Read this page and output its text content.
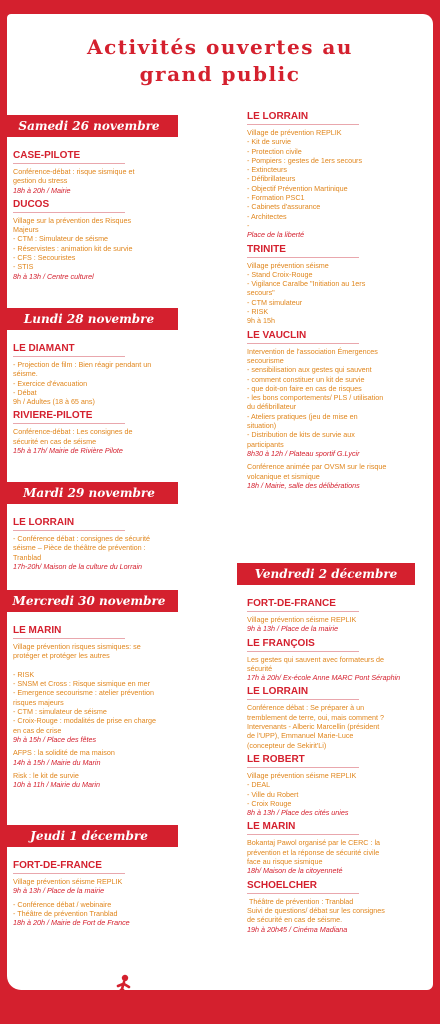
Activités ouvertes au
grand public
Samedi 26 novembre
Lundi 28 novembre
Mardi 29 novembre
Mercredi 30 novembre
Jeudi 1 décembre
Vendredi 2 décembre
CASE-PILOTE
Conférence-débat : risque sismique et
gestion du stress
18h à 20h / Mairie
DUCOS
Village sur la prévention des Risques
Majeurs
- CTM : Simulateur de séisme
- Réservistes : animation kit de survie
- CFS : Secouristes
- STIS
8h à 13h / Centre culturel
LE DIAMANT
- Projection de film : Bien réagir pendant un
séisme.
- Exercice d'évacuation
- Débat
9h / Adultes (18 à 65 ans)
RIVIERE-PILOTE
Conférence-débat : Les consignes de
sécurité en cas de séisme
15h à 17h/ Mairie de Rivière Pilote
LE LORRAIN
- Conférence débat : consignes de sécurité
séisme – Pièce de théâtre de prévention :
Tranblad
17h-20h/ Maison de la culture du Lorrain
LE MARIN
Village prévention risques sismiques: se
protéger et protéger les autres
- RISK
- SNSM et Cross : Risque sismique en mer
- Emergence secourisme : atelier prévention
risques majeurs
- CTM : simulateur de séisme
- Croix-Rouge : modalités de prise en charge
en cas de crise
9h à 15h / Place des fêtes
AFPS : la solidité de ma maison
14h à 15h / Mairie du Marin
Risk : le kit de survie
10h à 11h / Mairie du Marin
FORT-DE-FRANCE
Village prévention séisme REPLIK
9h à 13h / Place de la mairie
- Conférence débat / webinaire
- Théâtre de prévention Tranblad
18h à 20h / Mairie de Fort de France
LE LORRAIN
Village de prévention REPLIK
- Kit de survie
- Protection civile
- Pompiers : gestes de 1ers secours
- Extincteurs
- Défibrillateurs
- Objectif Prévention Martinique
- Formation PSC1
- Cabinets d'assurance
- Architectes
-
Place de la liberté
TRINITE
Village prévention séisme
- Stand Croix-Rouge
- Vigilance Caraïbe "Initiation au 1ers
secours"
- CTM simulateur
- RISK
9h à 15h
LE VAUCLIN
Intervention de l'association Émergences
secourisme
- sensibilisation aux gestes qui sauvent
- comment constituer un kit de survie
- que doit-on faire en cas de risques
- les bons comportements/ PLS / utilisation
du défibrillateur
- Ateliers pratiques (jeu de mise en
situation)
- Distribution de kits de survie aux
participants
8h30 à 12h / Plateau sportif G.Lycir
Conférence animée par OVSM sur le risque
volcanique et sismique
18h / Mairie, salle des délibérations
FORT-DE-FRANCE
Village prévention séisme REPLIK
9h à 13h / Place de la mairie
LE FRANÇOIS
Les gestes qui sauvent avec formateurs de
sécurité
17h à 20h/ Ex-école Anne MARC Pont Séraphin
LE LORRAIN
Conférence débat : Se préparer à un
tremblement de terre, oui, mais comment ?
Intervenants - Alberic Marcellin (président
de l'UPP), Emmanuel Marie-Luce
(concepteur de Sekirit'Li)
LE ROBERT
Village prévention séisme REPLIK
- DEAL
- Ville du Robert
- Croix Rouge
8h à 13h / Place des cités unies
LE MARIN
Bokantaj Pawol organisé par le CERC : la
prévention et la réponse de sécurité civile
face au risque sismique
18h/ Maison de la citoyenneté
SCHOELCHER
Théâtre de prévention : Tranblad
Suivi de questions/ débat sur les consignes
de sécurité en cas de séisme.
19h à 20h45 / Cinéma Madiana
